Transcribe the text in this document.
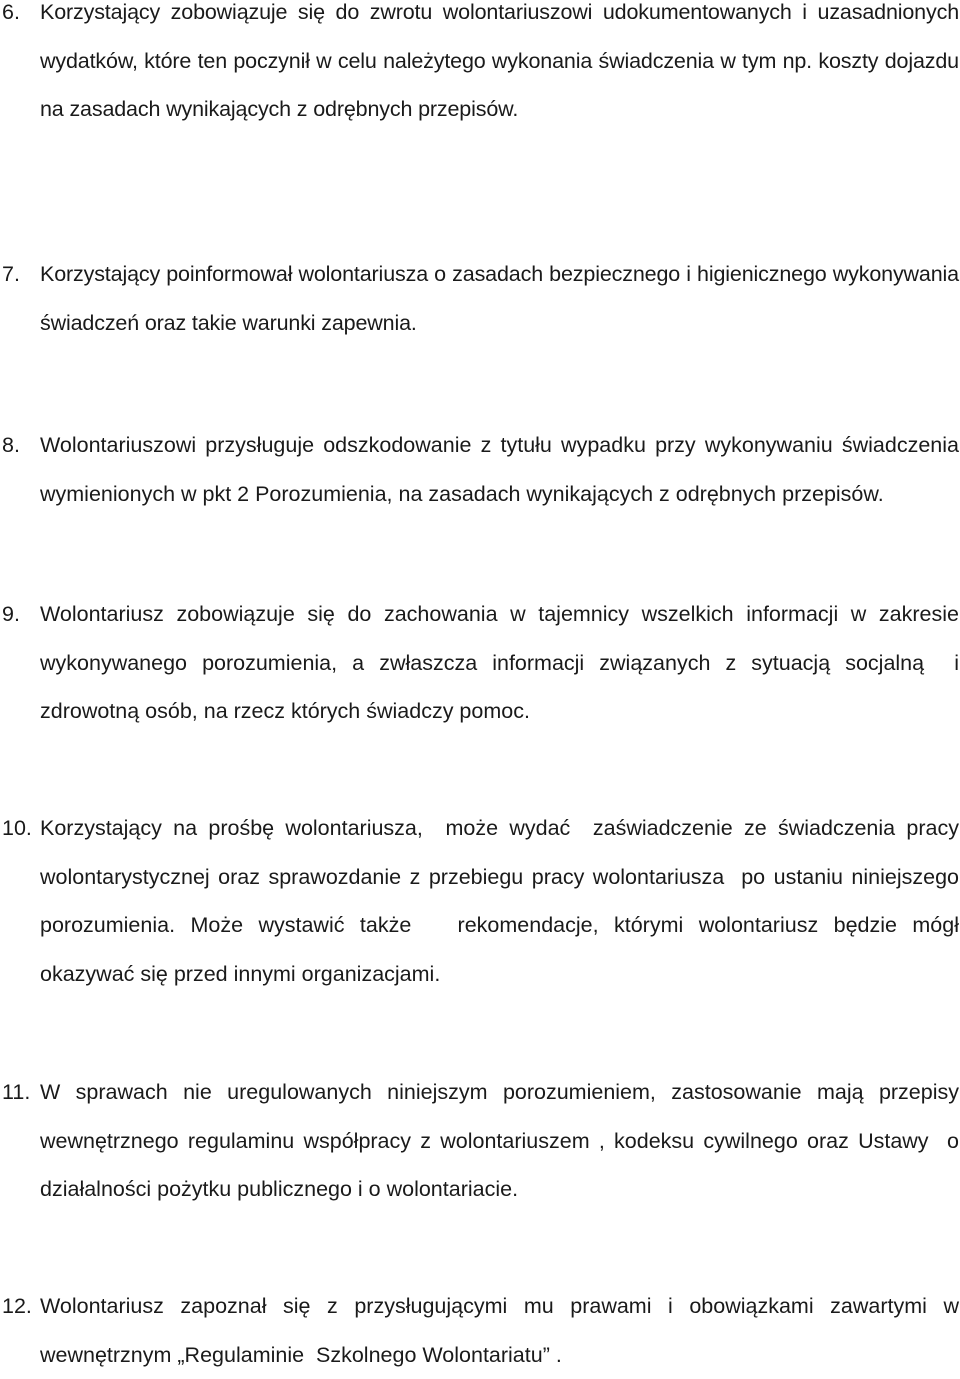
6. Korzystający zobowiązuje się do zwrotu wolontariuszowi udokumentowanych i uzasadnionych wydatków, które ten poczynił w celu należytego wykonania świadczenia w tym np. koszty dojazdu na zasadach wynikających z odrębnych przepisów.
7. Korzystający poinformował wolontariusza o zasadach bezpiecznego i higienicznego wykonywania świadczeń oraz takie warunki zapewnia.
8. Wolontariuszowi przysługuje odszkodowanie z tytułu wypadku przy wykonywaniu świadczenia wymienionych w pkt 2 Porozumienia, na zasadach wynikających z odrębnych przepisów.
9. Wolontariusz zobowiązuje się do zachowania w tajemnicy wszelkich informacji w zakresie wykonywanego porozumienia, a zwłaszcza informacji związanych z sytuacją socjalną  i zdrowotną osób, na rzecz których świadczy pomoc.
10. Korzystający na prośbę wolontariusza,  może wydać  zaświadczenie ze świadczenia pracy wolontarystycznej oraz sprawozdanie z przebiegu pracy wolontariusza  po ustaniu niniejszego porozumienia. Może wystawić także   rekomendacje, którymi wolontariusz będzie mógł okazywać się przed innymi organizacjami.
11. W sprawach nie uregulowanych niniejszym porozumieniem, zastosowanie mają przepisy wewnętrznego regulaminu współpracy z wolontariuszem , kodeksu cywilnego oraz Ustawy  o działalności pożytku publicznego i o wolontariacie.
12. Wolontariusz zapoznał się z przysługującymi mu prawami i obowiązkami zawartymi w wewnętrznym „Regulaminie  Szkolnego Wolontariatu” .
